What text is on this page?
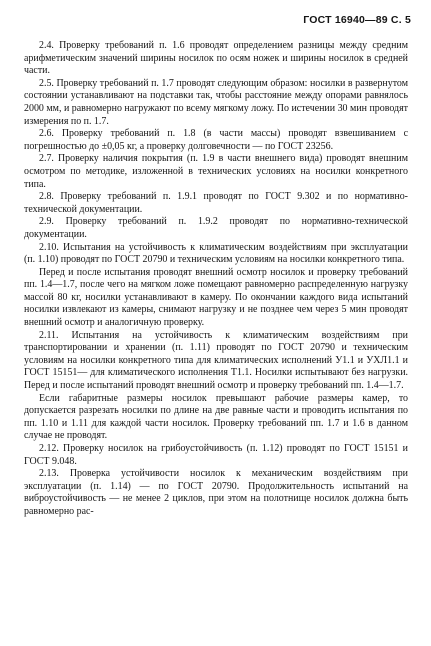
ГОСТ 16940—89 С. 5

2.4. Проверку требований п. 1.6 проводят определением разницы между средним арифметическим значений ширины носилок по осям ножек и ширины носилок в средней части.

2.5. Проверку требований п. 1.7 проводят следующим образом: носилки в развернутом состоянии устанавливают на подставки так, чтобы расстояние между опорами равнялось 2000 мм, и равномерно нагружают по всему мягкому ложу. По истечении 30 мин проводят измерения по п. 1.7.

2.6. Проверку требований п. 1.8 (в части массы) проводят взвешиванием с погрешностью до ±0,05 кг, а проверку долговечности — по ГОСТ 23256.

2.7. Проверку наличия покрытия (п. 1.9 в части внешнего вида) проводят внешним осмотром по методике, изложенной в технических условиях на носилки конкретного типа.

2.8. Проверку требований п. 1.9.1 проводят по ГОСТ 9.302 и по нормативно-технической документации.

2.9. Проверку требований п. 1.9.2 проводят по нормативно-технической документации.

2.10. Испытания на устойчивость к климатическим воздействиям при эксплуатации (п. 1.10) проводят по ГОСТ 20790 и техническим условиям на носилки конкретного типа.

Перед и после испытания проводят внешний осмотр носилок и проверку требований пп. 1.4—1.7, после чего на мягком ложе помещают равномерно распределенную нагрузку массой 80 кг, носилки устанавливают в камеру. По окончании каждого вида испытаний носилки извлекают из камеры, снимают нагрузку и не позднее чем через 5 мин проводят внешний осмотр и аналогичную проверку.

2.11. Испытания на устойчивость к климатическим воздействиям при транспортировании и хранении (п. 1.11) проводят по ГОСТ 20790 и техническим условиям на носилки конкретного типа для климатических исполнений У1.1 и УХЛ1.1 и ГОСТ 15151— для климатического исполнения Т1.1. Носилки испытывают без нагрузки. Перед и после испытаний проводят внешний осмотр и проверку требований пп. 1.4—1.7.

Если габаритные размеры носилок превышают рабочие размеры камер, то допускается разрезать носилки по длине на две равные части и проводить испытания по пп. 1.10 и 1.11 для каждой части носилок. Проверку требований пп. 1.7 и 1.6 в данном случае не проводят.

2.12. Проверку носилок на грибоустойчивость (п. 1.12) проводят по ГОСТ 15151 и ГОСТ 9.048.

2.13. Проверка устойчивости носилок к механическим воздействиям при эксплуатации (п. 1.14) — по ГОСТ 20790. Продолжительность испытаний на виброустойчивость — не менее 2 циклов, при этом на полотнище носилок должна быть равномерно рас-
